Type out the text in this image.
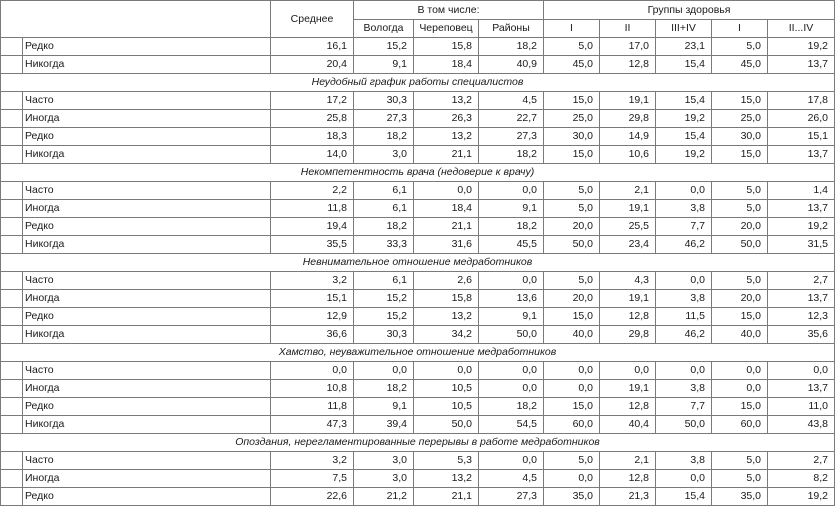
		Среднее	В том числе:			Группы здоровья				
			Вологда	Череповец	Районы	I	II	III+IV	I	II...IV
	Редко	16,1	15,2	15,8	18,2	5,0	17,0	23,1	5,0	19,2
	Никогда	20,4	9,1	18,4	40,9	45,0	12,8	15,4	45,0	13,7
Неудобный график работы специалистов										
	Часто	17,2	30,3	13,2	4,5	15,0	19,1	15,4	15,0	17,8
	Иногда	25,8	27,3	26,3	22,7	25,0	29,8	19,2	25,0	26,0
	Редко	18,3	18,2	13,2	27,3	30,0	14,9	15,4	30,0	15,1
	Никогда	14,0	3,0	21,1	18,2	15,0	10,6	19,2	15,0	13,7
Некомпетентность врача (недоверие к врачу)										
	Часто	2,2	6,1	0,0	0,0	5,0	2,1	0,0	5,0	1,4
	Иногда	11,8	6,1	18,4	9,1	5,0	19,1	3,8	5,0	13,7
	Редко	19,4	18,2	21,1	18,2	20,0	25,5	7,7	20,0	19,2
	Никогда	35,5	33,3	31,6	45,5	50,0	23,4	46,2	50,0	31,5
Невнимательное отношение медработников										
	Часто	3,2	6,1	2,6	0,0	5,0	4,3	0,0	5,0	2,7
	Иногда	15,1	15,2	15,8	13,6	20,0	19,1	3,8	20,0	13,7
	Редко	12,9	15,2	13,2	9,1	15,0	12,8	11,5	15,0	12,3
	Никогда	36,6	30,3	34,2	50,0	40,0	29,8	46,2	40,0	35,6
Хамство, неуважительное отношение медработников										
	Часто	0,0	0,0	0,0	0,0	0,0	0,0	0,0	0,0	0,0
	Иногда	10,8	18,2	10,5	0,0	0,0	19,1	3,8	0,0	13,7
	Редко	11,8	9,1	10,5	18,2	15,0	12,8	7,7	15,0	11,0
	Никогда	47,3	39,4	50,0	54,5	60,0	40,4	50,0	60,0	43,8
Опоздания, нерегламентированные перерывы в работе медработников										
	Часто	3,2	3,0	5,3	0,0	5,0	2,1	3,8	5,0	2,7
	Иногда	7,5	3,0	13,2	4,5	0,0	12,8	0,0	5,0	8,2
	Редко	22,6	21,2	21,1	27,3	35,0	21,3	15,4	35,0	19,2
